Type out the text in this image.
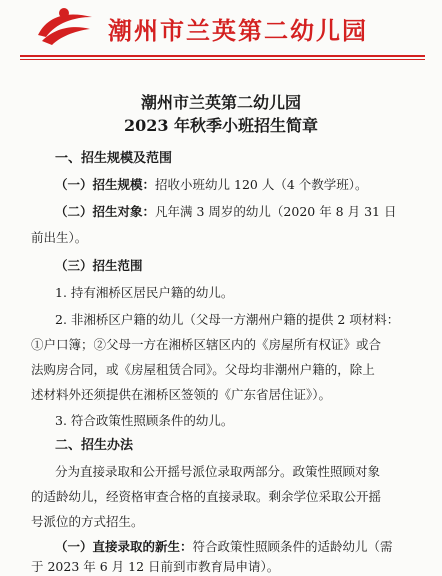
潮州市兰英第二幼儿园
潮州市兰英第二幼儿园
2023 年秋季小班招生简章
一、招生规模及范围
（一）招生规模：招收小班幼儿 120 人（4 个教学班）。
（二）招生对象：凡年满 3 周岁的幼儿（2020 年 8 月 31 日
前出生）。
（三）招生范围
1. 持有湘桥区居民户籍的幼儿。
2. 非湘桥区户籍的幼儿（父母一方潮州户籍的提供 2 项材料：
①户口簿；②父母一方在湘桥区辖区内的《房屋所有权证》或合
法购房合同，或《房屋租赁合同》。父母均非潮州户籍的，除上
述材料外还须提供在湘桥区签领的《广东省居住证》）。
3. 符合政策性照顾条件的幼儿。
二、招生办法
分为直接录取和公开摇号派位录取两部分。政策性照顾对象
的适龄幼儿，经资格审查合格的直接录取。剩余学位采取公开摇
号派位的方式招生。
（一）直接录取的新生：符合政策性照顾条件的适龄幼儿（需
于 2023 年 6 月 12 日前到市教育局申请）。
